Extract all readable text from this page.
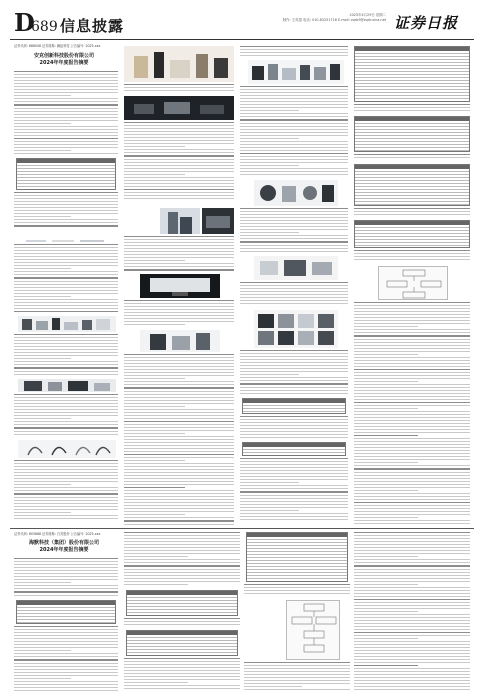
D
689 信息披露
2025年4月29日 星期二
制作: 王英超 电话: 010-83251716 E-mail: zqrb9@zqrb.sina.net 证券日报
证券代码: 688008 证券简称: 澜起科技 公告编号: 2025-xxx
安克创新科技股份有限公司
2024年年度报告摘要
证券代码: 603688 证券简称: 石英股份 公告编号: 2025-xxx
海默科技（集团）股份有限公司
2024年年度报告摘要
